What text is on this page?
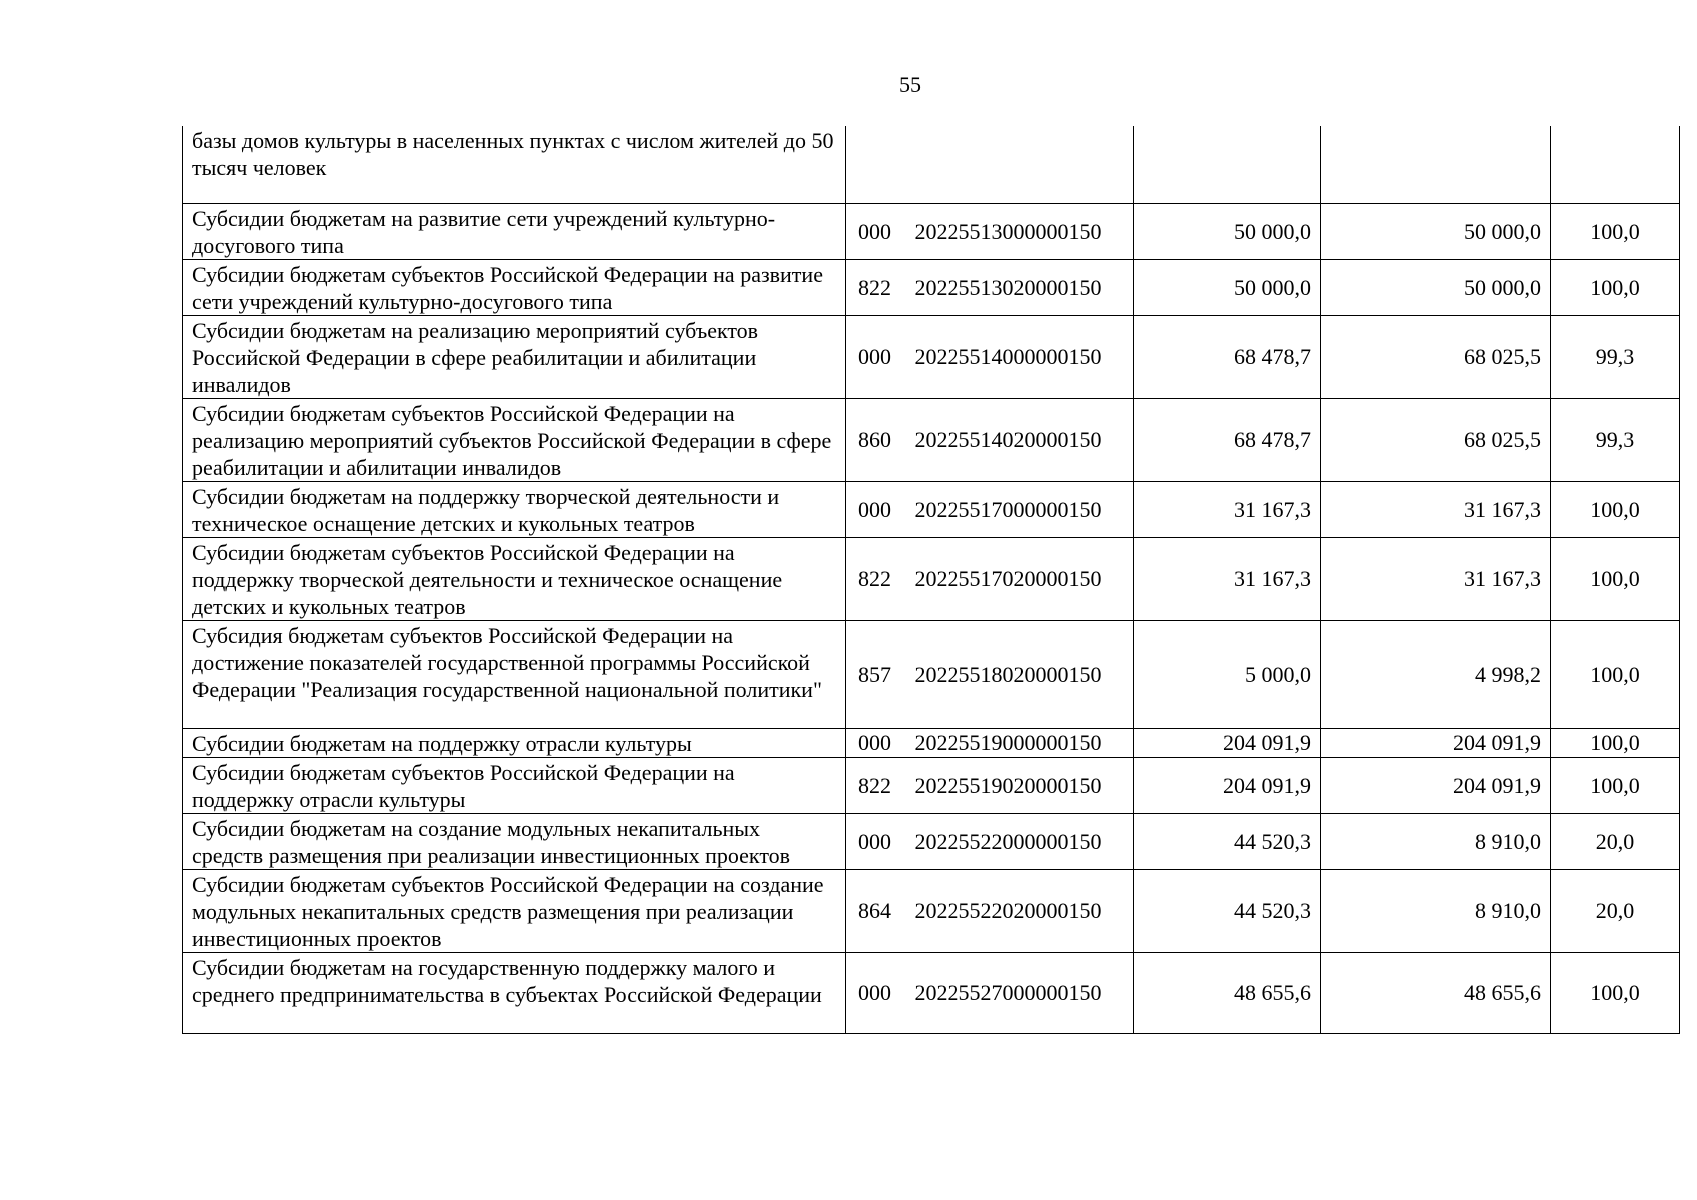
55
базы домов культуры в населенных пунктах с числом жителей до 50 тысяч человек					
Субсидии бюджетам на развитие сети учреждений культурно-досугового типа	000	20225513000000150	50 000,0	50 000,0	100,0
Субсидии бюджетам субъектов Российской Федерации на развитие сети учреждений культурно-досугового типа	822	20225513020000150	50 000,0	50 000,0	100,0
Субсидии бюджетам на реализацию мероприятий субъектов Российской Федерации в сфере реабилитации и абилитации инвалидов	000	20225514000000150	68 478,7	68 025,5	99,3
Субсидии бюджетам субъектов Российской Федерации на реализацию мероприятий субъектов Российской Федерации в сфере реабилитации и абилитации инвалидов	860	20225514020000150	68 478,7	68 025,5	99,3
Субсидии бюджетам на поддержку творческой деятельности и техническое оснащение детских и кукольных театров	000	20225517000000150	31 167,3	31 167,3	100,0
Субсидии бюджетам субъектов Российской Федерации на поддержку творческой деятельности и техническое оснащение детских и кукольных театров	822	20225517020000150	31 167,3	31 167,3	100,0
Субсидия бюджетам субъектов Российской Федерации на достижение показателей государственной программы Российской Федерации "Реализация государственной национальной политики"	857	20225518020000150	5 000,0	4 998,2	100,0
Субсидии бюджетам на поддержку отрасли культуры	000	20225519000000150	204 091,9	204 091,9	100,0
Субсидии бюджетам субъектов Российской Федерации на поддержку отрасли культуры	822	20225519020000150	204 091,9	204 091,9	100,0
Субсидии бюджетам на создание модульных некапитальных средств размещения при реализации инвестиционных проектов	000	20225522000000150	44 520,3	8 910,0	20,0
Субсидии бюджетам субъектов Российской Федерации на создание модульных некапитальных средств размещения при реализации инвестиционных проектов	864	20225522020000150	44 520,3	8 910,0	20,0
Субсидии бюджетам на государственную поддержку малого и среднего предпринимательства в субъектах Российской Федерации	000	20225527000000150	48 655,6	48 655,6	100,0
